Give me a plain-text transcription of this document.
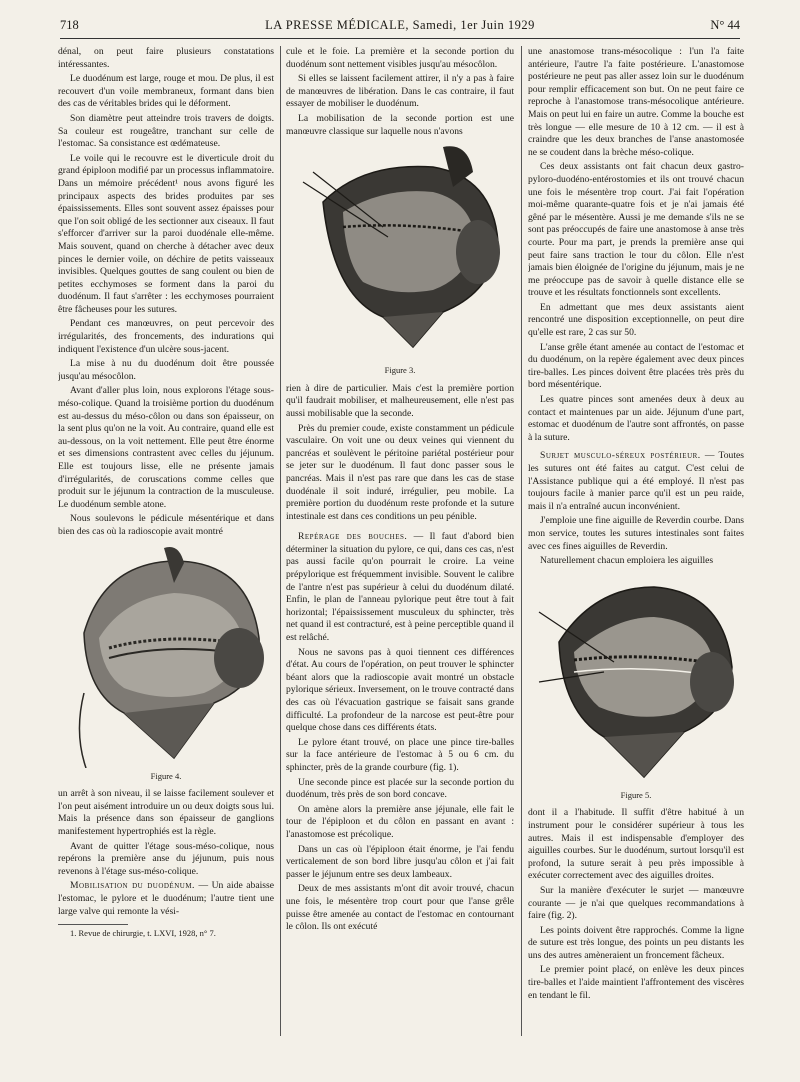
718	LA PRESSE MÉDICALE, Samedi, 1er Juin 1929	N° 44

dénal, on peut faire plusieurs constatations intéressantes.

Le duodénum est large, rouge et mou. De plus, il est recouvert d'un voile membraneux, formant dans bien des cas de véritables brides qui le déforment.

Son diamètre peut atteindre trois travers de doigts. Sa couleur est rougeâtre, tranchant sur celle de l'estomac. Sa consistance est œdémateuse.

Le voile qui le recouvre est le diverticule droit du grand épiploon modifié par un processus inflammatoire. Dans un mémoire précédent¹ nous avons figuré les principaux aspects des brides produites par ses épaississements. Elles sont souvent assez épaisses pour que l'on soit obligé de les sectionner aux ciseaux. Il faut s'efforcer d'arriver sur la paroi duodénale elle-même. Mais souvent, quand on cherche à détacher avec deux pinces le dernier voile, on déchire de petits vaisseaux invisibles. Quelques gouttes de sang coulent ou bien de petites ecchymoses se forment dans la paroi du duodénum. Il faut s'arrêter : les ecchymoses pourraient être fâcheuses pour les sutures.

Pendant ces manœuvres, on peut percevoir des irrégularités, des froncements, des indurations qui indiquent l'existence d'un ulcère sous-jacent.

La mise à nu du duodénum doit être poussée jusqu'au mésocôlon.

Avant d'aller plus loin, nous explorons l'étage sous-méso-colique. Quand la troisième portion du duodénum est au-dessus du méso-côlon ou dans son épaisseur, on la sent plus qu'on ne la voit. Au contraire, quand elle est au-dessous, on la voit nettement. Elle peut être énorme et ses dimensions contrastent avec celles du jéjunum. Elle est toujours lisse, elle ne présente jamais d'irrégularités, de coruscations comme celles que produit sur le jéjunum la contraction de la musculeuse. Le duodénum semble atone.

Nous soulevons le pédicule mésentérique et dans bien des cas où la radioscopie avait montré

Figure 4.

un arrêt à son niveau, il se laisse facilement soulever et l'on peut aisément introduire un ou deux doigts sous lui. Mais la présence dans son épaisseur de ganglions manifestement hypertrophiés est la règle.

Avant de quitter l'étage sous-méso-colique, nous repérons la première anse du jéjunum, puis nous revenons à l'étage sus-méso-colique.

Mobilisation du duodénum. — Un aide abaisse l'estomac, le pylore et le duodénum; l'autre tient une large valve qui remonte la vési-

1. Revue de chirurgie, t. LXVI, 1928, n° 7.

cule et le foie. La première et la seconde portion du duodénum sont nettement visibles jusqu'au mésocôlon.

Si elles se laissent facilement attirer, il n'y a pas à faire de manœuvres de libération. Dans le cas contraire, il faut essayer de mobiliser le duodénum.

La mobilisation de la seconde portion est une manœuvre classique sur laquelle nous n'avons

Figure 3.

rien à dire de particulier. Mais c'est la première portion qu'il faudrait mobiliser, et malheureusement, elle n'est pas aussi mobilisable que la seconde.

Près du premier coude, existe constamment un pédicule vasculaire. On voit une ou deux veines qui viennent du pancréas et soulèvent le péritoine pariétal postérieur pour se jeter sur le duodénum. Il faut donc passer sous le pancréas. Mais il n'est pas rare que dans les cas de stase duodénale il soit induré, irrégulier, peu mobile. La première portion du duodénum reste profonde et la suture intestinale est dans ces conditions un peu pénible.

Repérage des bouches. — Il faut d'abord bien déterminer la situation du pylore, ce qui, dans ces cas, n'est pas aussi facile qu'on pourrait le croire. La veine prépylorique est fréquemment invisible. Souvent le calibre de l'antre n'est pas supérieur à celui du duodénum dilaté. Enfin, le plan de l'anneau pylorique peut être tout à fait horizontal; l'épaississement musculeux du sphincter, très net quand il est contracturé, est à peine perceptible quand il est relâché.

Nous ne savons pas à quoi tiennent ces différences d'état. Au cours de l'opération, on peut trouver le sphincter béant alors que la radioscopie avait montré un obstacle pylorique sérieux. Inversement, on le trouve contracté dans des cas où l'évacuation gastrique se faisait sans grande difficulté. La profondeur de la narcose est peut-être pour quelque chose dans ces différents états.

Le pylore étant trouvé, on place une pince tire-balles sur la face antérieure de l'estomac à 5 ou 6 cm. du sphincter, près de la grande courbure (fig. 1).

Une seconde pince est placée sur la seconde portion du duodénum, très près de son bord concave.

On amène alors la première anse jéjunale, elle fait le tour de l'épiploon et du côlon en passant en avant : l'anastomose est précolique.

Dans un cas où l'épiploon était énorme, je l'ai fendu verticalement de son bord libre jusqu'au côlon et j'ai fait passer le jéjunum entre ses deux lambeaux.

Deux de mes assistants m'ont dit avoir trouvé, chacun une fois, le mésentère trop court pour que l'anse grêle puisse être amenée au contact de l'estomac en contournant le côlon. Ils ont exécuté

une anastomose trans-mésocolique : l'un l'a faite antérieure, l'autre l'a faite postérieure. L'anastomose postérieure ne peut pas aller assez loin sur le duodénum pour remplir efficacement son but. On ne peut faire ce reproche à l'anastomose trans-mésocolique antérieure. Mais on peut lui en faire un autre. Comme la bouche est très longue — elle mesure de 10 à 12 cm. — il est à craindre que les deux branches de l'anse anastomosée ne se coudent dans la brèche méso-colique.

Ces deux assistants ont fait chacun deux gastro-pyloro-duodéno-entérostomies et ils ont trouvé chacun une fois le mésentère trop court. J'ai fait l'opération moi-même quarante-quatre fois et je n'ai jamais été gêné par le mésentère. Aussi je me demande s'ils ne se sont pas préoccupés de faire une anastomose à anse très courte. Pour ma part, je prends la première anse qui peut faire sans traction le tour du côlon. Elle n'est jamais bien éloignée de l'origine du jéjunum, mais je ne me préoccupe pas de savoir à quelle distance elle se trouve et les résultats fonctionnels sont excellents.

En admettant que mes deux assistants aient rencontré une disposition exceptionnelle, on peut dire qu'elle est rare, 2 cas sur 50.

L'anse grêle étant amenée au contact de l'estomac et du duodénum, on la repère également avec deux pinces tire-balles. Les pinces doivent être placées très près du bord mésentérique.

Les quatre pinces sont amenées deux à deux au contact et maintenues par un aide. Jéjunum d'une part, estomac et duodénum de l'autre sont affrontés, on passe à la suture.

Surjet musculo-séreux postérieur. — Toutes les sutures ont été faites au catgut. C'est celui de l'Assistance publique qui a été employé. Il n'est pas toujours facile à manier parce qu'il est un peu raide, mais il n'a entraîné aucun inconvénient.

J'emploie une fine aiguille de Reverdin courbe. Dans mon service, toutes les sutures intestinales sont faites avec ces fines aiguilles de Reverdin.

Naturellement chacun emploiera les aiguilles

Figure 5.

dont il a l'habitude. Il suffit d'être habitué à un instrument pour le considérer supérieur à tous les autres. Mais il est indispensable d'employer des aiguilles courbes. Sur le duodénum, surtout lorsqu'il est profond, la suture serait à peu près impossible à exécuter correctement avec des aiguilles droites.

Sur la manière d'exécuter le surjet — manœuvre courante — je n'ai que quelques recommandations à faire (fig. 2).

Les points doivent être rapprochés. Comme la ligne de suture est très longue, des points un peu distants les uns des autres amèneraient un froncement fâcheux.

Le premier point placé, on enlève les deux pinces tire-balles et l'aide maintient l'affrontement des viscères en tendant le fil.
